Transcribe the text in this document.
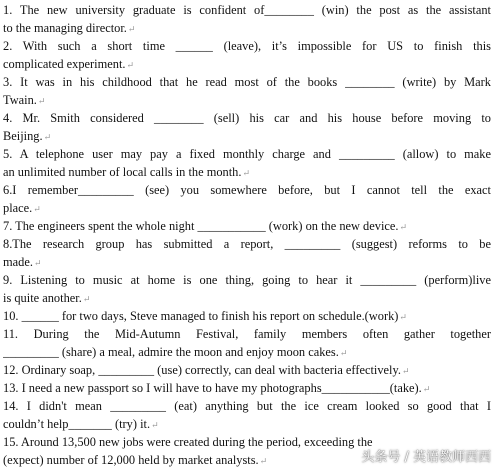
1. The new university graduate is confident of________ (win) the post as the assistant
to the managing director.↵
2. With such a short time ______ (leave), it’s impossible for US to finish this
complicated experiment.↵
3. It was in his childhood that he read most of the books ________ (write) by Mark
Twain.↵
4. Mr. Smith considered ________ (sell) his car and his house before moving to
Beijing.↵
5. A telephone user may pay a fixed monthly charge and _________ (allow) to make
an unlimited number of local calls in the month.↵
6.I remember_________ (see) you somewhere before, but I cannot tell the exact
place.↵
7. The engineers spent the whole night ___________ (work) on the new device.↵
8.The research group has submitted a report, _________ (suggest) reforms to be
made.↵
9. Listening to music at home is one thing, going to hear it _________ (perform)live
is quite another.↵
10. ______ for two days, Steve managed to finish his report on schedule.(work)↵
11. During the Mid-Autumn Festival, family members often gather together
_________ (share) a meal, admire the moon and enjoy moon cakes.↵
12. Ordinary soap, _________ (use) correctly, can deal with bacteria effectively.↵
13. I need a new passport so I will have to have my photographs___________(take).↵
14. I didn't mean _________ (eat) anything but the ice cream looked so good that I
couldn’t help_______ (try) it.↵
15. Around 13,500 new jobs were created during the period, exceeding the
(expect) number of 12,000 held by market analysts.↵	头条号 / 英语教师西西
